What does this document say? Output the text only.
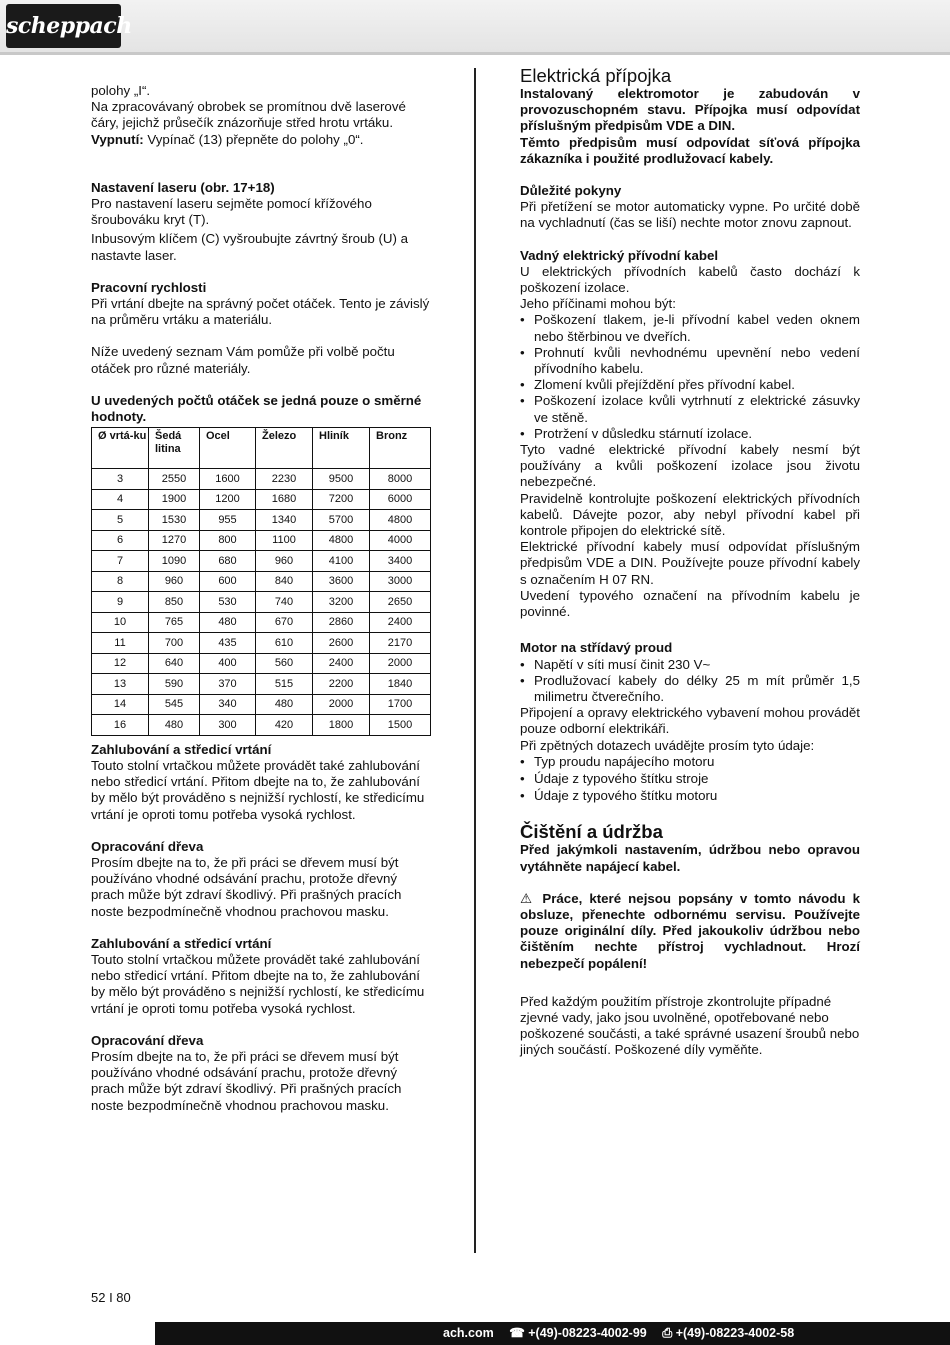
scheppach

polohy „I“.

Na zpracovávaný obrobek se promítnou dvě laserové čáry, jejichž průsečík znázorňuje střed hrotu vrtáku.

Vypnutí: Vypínač (13) přepněte do polohy „0“.

Nastavení laseru (obr. 17+18)

Pro nastavení laseru sejměte pomocí křížového šroubováku kryt (T).

Inbusovým klíčem (C) vyšroubujte závrtný šroub (U) a nastavte laser.

Pracovní rychlosti

Při vrtání dbejte na správný počet otáček. Tento je závislý na průměru vrtáku a materiálu.

Níže uvedený seznam Vám pomůže při volbě počtu otáček pro různé materiály.

U uvedených počtů otáček se jedná pouze o směrné hodnoty.

Ø vrtá-ku	Šedá litina	Ocel	Železo	Hliník	Bronz
3	2550	1600	2230	9500	8000
4	1900	1200	1680	7200	6000
5	1530	955	1340	5700	4800
6	1270	800	1100	4800	4000
7	1090	680	960	4100	3400
8	960	600	840	3600	3000
9	850	530	740	3200	2650
10	765	480	670	2860	2400
11	700	435	610	2600	2170
12	640	400	560	2400	2000
13	590	370	515	2200	1840
14	545	340	480	2000	1700
16	480	300	420	1800	1500

Zahlubování a středicí vrtání

Touto stolní vrtačkou můžete provádět také zahlubování nebo středicí vrtání. Přitom dbejte na to, že zahlubování by mělo být prováděno s nejnižší rychlostí, ke středicímu vrtání je oproti tomu potřeba vysoká rychlost.

Opracování dřeva

Prosím dbejte na to, že při práci se dřevem musí být používáno vhodné odsávání prachu, protože dřevný prach může být zdraví škodlivý. Při prašných pracích noste bezpodmínečně vhodnou prachovou masku.

Zahlubování a středicí vrtání

Touto stolní vrtačkou můžete provádět také zahlubování nebo středicí vrtání. Přitom dbejte na to, že zahlubování by mělo být prováděno s nejnižší rychlostí, ke středicímu vrtání je oproti tomu potřeba vysoká rychlost.

Opracování dřeva

Prosím dbejte na to, že při práci se dřevem musí být používáno vhodné odsávání prachu, protože dřevný prach může být zdraví škodlivý. Při prašných pracích noste bezpodmínečně vhodnou prachovou masku.

Elektrická přípojka

Instalovaný elektromotor je zabudován v provozuschopném stavu. Přípojka musí odpovídat příslušným předpisům VDE a DIN.

Těmto předpisům musí odpovídat síťová přípojka zákazníka i použité prodlužovací kabely.

Důležité pokyny

Při přetížení se motor automaticky vypne. Po určité době na vychladnutí (čas se liší) nechte motor znovu zapnout.

Vadný elektrický přívodní kabel

U elektrických přívodních kabelů často dochází k poškození izolace.

Jeho příčinami mohou být:

• Poškození tlakem, je-li přívodní kabel veden oknem nebo štěrbinou ve dveřích.
• Prohnutí kvůli nevhodnému upevnění nebo vedení přívodního kabelu.
• Zlomení kvůli přejíždění přes přívodní kabel.
• Poškození izolace kvůli vytrhnutí z elektrické zásuvky ve stěně.
• Protržení v důsledku stárnutí izolace.

Tyto vadné elektrické přívodní kabely nesmí být používány a kvůli poškození izolace jsou životu nebezpečné.

Pravidelně kontrolujte poškození elektrických přívodních kabelů. Dávejte pozor, aby nebyl přívodní kabel při kontrole připojen do elektrické sítě.

Elektrické přívodní kabely musí odpovídat příslušným předpisům VDE a DIN. Používejte pouze přívodní kabely s označením H 07 RN.

Uvedení typového označení na přívodním kabelu je povinné.

Motor na střídavý proud

• Napětí v síti musí činit 230 V~
• Prodlužovací kabely do délky 25 m mít průměr 1,5 milimetru čtverečního.

Připojení a opravy elektrického vybavení mohou provádět pouze odborní elektrikáři.

Při zpětných dotazech uvádějte prosím tyto údaje:

• Typ proudu napájecího motoru
• Údaje z typového štítku stroje
• Údaje z typového štítku motoru
Čištění a údržba

Před jakýmkoli nastavením, údržbou nebo opravou vytáhněte napájecí kabel.

⚠ Práce, které nejsou popsány v tomto návodu k obsluze, přenechte odbornému servisu. Používejte pouze originální díly. Před jakoukoliv údržbou nebo čištěním nechte přístroj vychladnout. Hrozí nebezpečí popálení!

Před každým použitím přístroje zkontrolujte případné zjevné vady, jako jsou uvolněné, opotřebované nebo poškozené součásti, a také správné usazení šroubů nebo jiných součástí. Poškozené díly vyměňte.

52 I 80
ach.com ☎ +(49)-08223-4002-99 ⎙ +(49)-08223-4002-58
